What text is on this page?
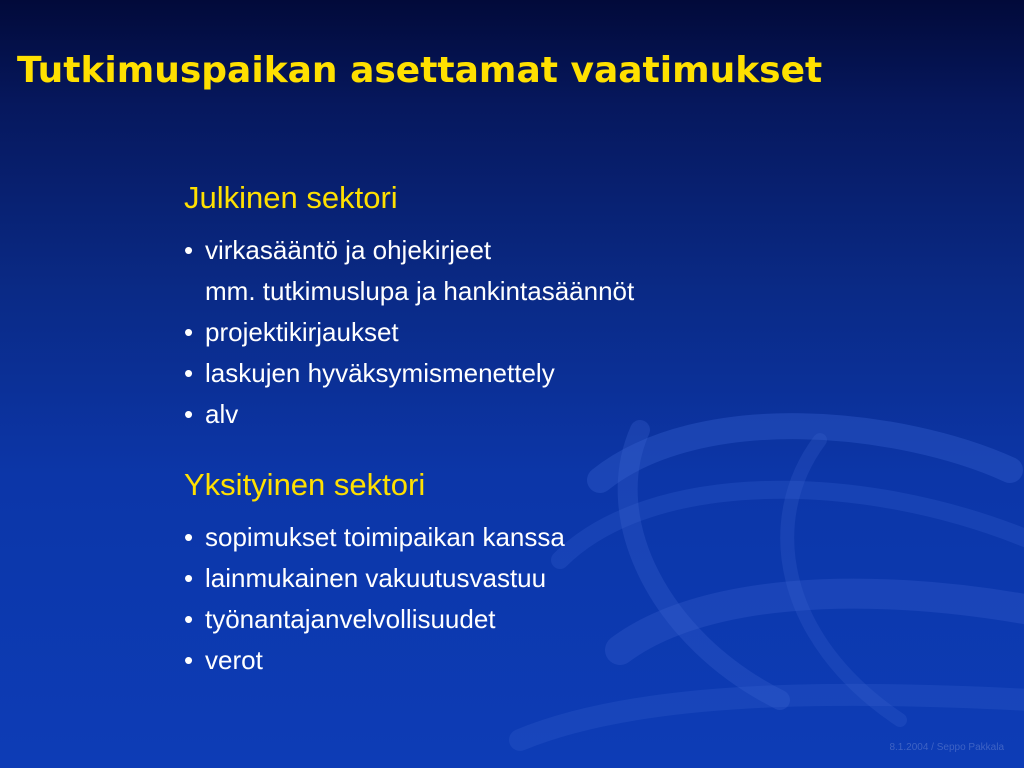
Tutkimuspaikan asettamat vaatimukset
Julkinen sektori
• virkasääntö ja ohjekirjeet
mm. tutkimuslupa ja hankintasäännöt
• projektikirjaukset
• laskujen hyväksymismenettely
• alv
Yksityinen sektori
• sopimukset toimipaikan kanssa
• lainmukainen vakuutusvastuu
• työnantajanvelvollisuudet
• verot
8.1.2004 / Seppo Pakkala
